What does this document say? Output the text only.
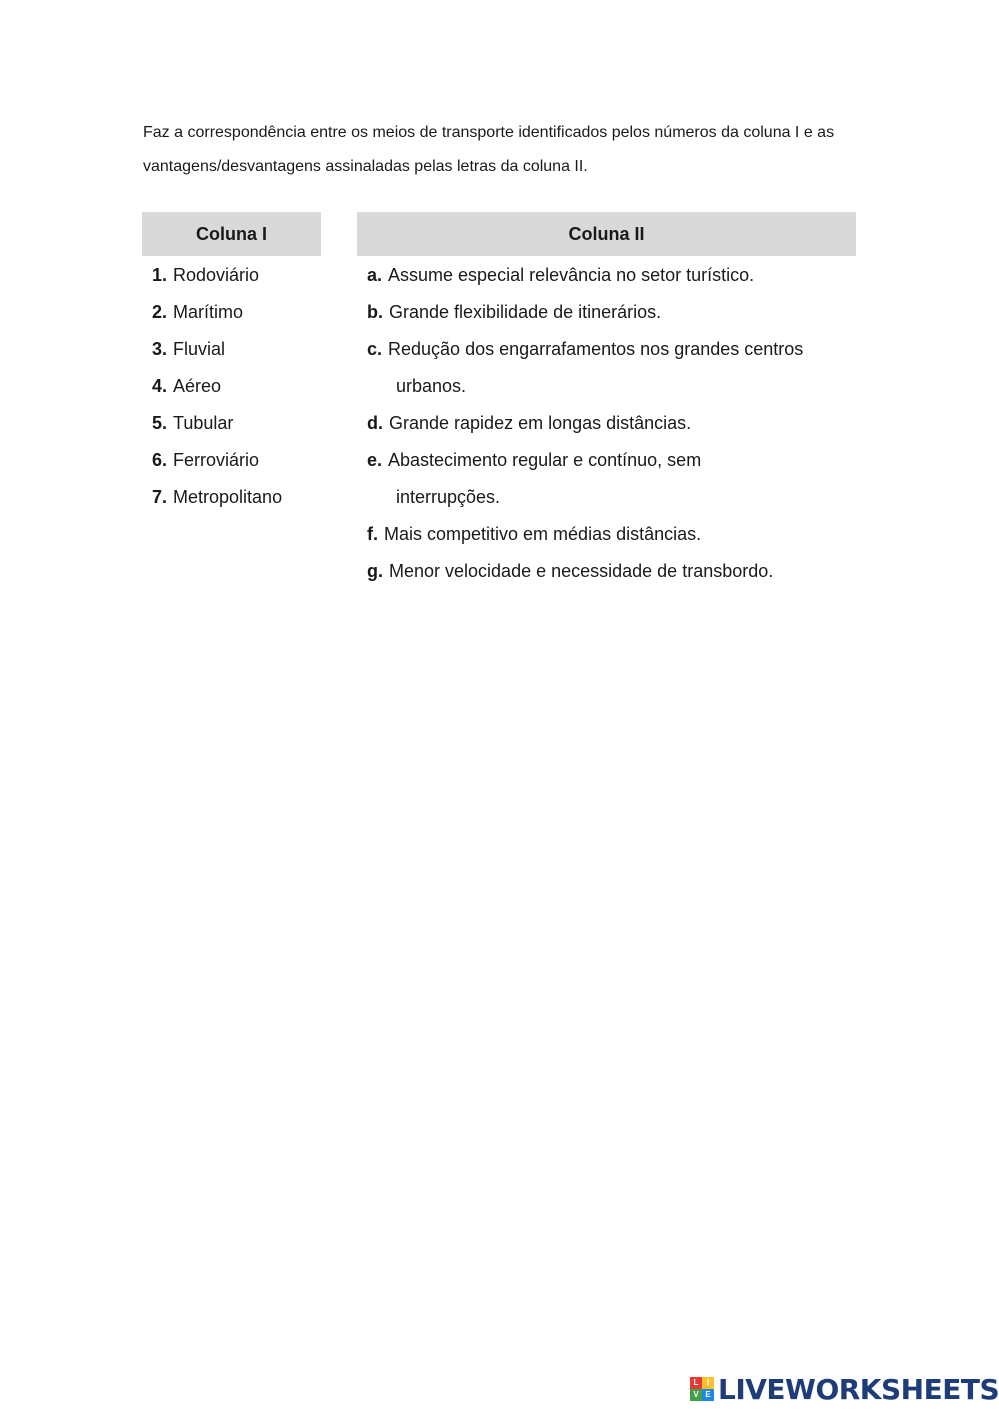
Faz a correspondência entre os meios de transporte identificados pelos números da coluna I e as vantagens/desvantagens assinaladas pelas letras da coluna II.

Coluna I	Coluna II
1. Rodoviário
2. Marítimo
3. Fluvial
4. Aéreo
5. Tubular
6. Ferroviário
7. Metropolitano
a. Assume especial relevância no setor turístico.
b. Grande flexibilidade de itinerários.
c. Redução dos engarrafamentos nos grandes centros
urbanos.
d. Grande rapidez em longas distâncias.
e. Abastecimento regular e contínuo, sem
interrupções.
f. Mais competitivo em médias distâncias.
g. Menor velocidade e necessidade de transbordo.
L	I
V E LIVEWORKSHEETS
